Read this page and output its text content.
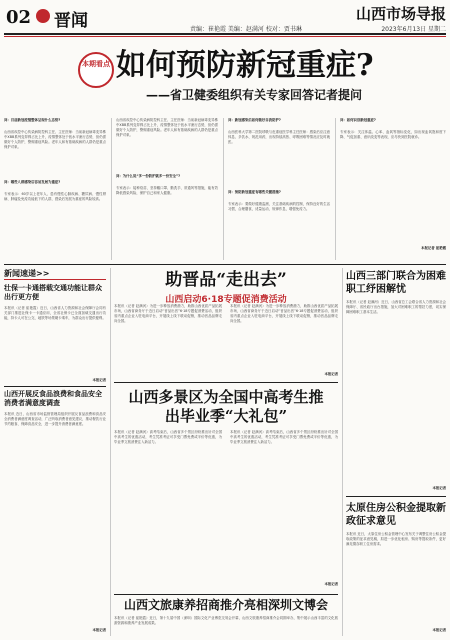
02 晋闻	山西市场导报
责编：崔艳霞 美编：赵满河 校对：贾书琳	2023年6月13日 星期二
本期看点 如何预防新冠重症?
——省卫健委组织有关专家回答记者提问
问：目前新冠疫情整体呈现什么态势?
山西省疾控中心传染病防控科主任、主任医师：当前新冠病毒变异株中XBB系列变异株占比上升，疫情整体处于低水平流行态势，但仍需做好个人防护，警惕重症风险。老年人和有基础疾病的人群仍是重点保护对象。
问：哪些人群感染后容易发展为重症?
专家表示：60岁以上老年人、患有慢性心肺疾病、糖尿病、慢性肾病、肿瘤及免疫功能低下的人群，感染后发展为重症的风险较高。
山西省疾控中心传染病防控科主任、主任医师：当前新冠病毒变异株中XBB系列变异株占比上升，疫情整体处于低水平流行态势，但仍需做好个人防护，警惕重症风险。老年人和有基础疾病的人群仍是重点保护对象。
问：为什么说“多一份防护就多一份安全”?
专家表示：接种疫苗、坚持戴口罩、勤洗手、常通风等措施，能有效降低感染风险，保护自己和家人健康。
问：新冠感染后如何做好自我防护?
山西医科大学第二医院呼吸与危重症医学科主任医师：感染后应注意休息、多饮水、规范用药，出现持续高热、呼吸困难等情况应及时就医。
问：预防新冠重症有哪些关键措施?
专家表示：要做好健康监测，关注基础疾病的控制，保持良好的生活习惯，合理膳食，适量运动，规律作息，增强免疫力。
问：如何识别新冠重症?
专家表示：关注体温、心率、血氧等指标变化，如出现血氧饱和度下降、气促加重、意识改变等表现，应尽快到医院就诊。
本报记者 崔艳霞
新闻速递>>
壮保一卡通搭载交通功能让群众出行更方便
本报讯（记者 崔艳霞）近日，山西省人力资源和社会保障厅会同有关部门推进社保卡一卡通应用，全省社保卡已全面加载交通出行功能，持卡人可在公交、地铁等场景刷卡乘车，为群众出行提供便利。
本报记者
山西开展反食品浪费和食品安全消费者满意度调查
本报讯 近日，山西省市场监督管理局组织开展反食品浪费和食品安全消费者满意度调查活动，广泛听取消费者意见建议，推动餐饮行业节约粮食、保障食品安全，进一步提升消费者满意度。
本报记者
助晋品“走出去”
山西启动6·18专题促消费活动
本报讯（记者 赵满河）为进一步释放消费潜力，助推山西优质产品拓展市场，山西省商务厅于近日启动“晋品出晋”6·18专题促消费活动，组织省内重点企业入驻电商平台，开展线上线下联动促销，推动晋品品牌走向全国。
本报讯（记者 赵满河）为进一步释放消费潜力，助推山西优质产品拓展市场，山西省商务厅于近日启动“晋品出晋”6·18专题促消费活动，组织省内重点企业入驻电商平台，开展线上线下联动促销，推动晋品品牌走向全国。
本报记者
山西多景区为全国中高考生推出毕业季“大礼包”
本报讯（记者 赵满河）高考结束后，山西省多个景区纷纷推出针对全国中高考生的优惠活动，考生凭准考证可享受门票免费或半价等优惠，为毕业季文旅消费注入新活力。
本报讯（记者 赵满河）高考结束后，山西省多个景区纷纷推出针对全国中高考生的优惠活动，考生凭准考证可享受门票免费或半价等优惠，为毕业季文旅消费注入新活力。
本报记者
山西文旅康养招商推介亮相深圳文博会
本报讯（记者 崔艳霞）近日，第十九届中国（深圳）国际文化产业博览交易会开幕，山西文旅康养招商推介会同期举办，集中展示山西丰富的文化旅游资源和康养产业发展成果。
山西三部门联合为困难职工纾困解忧
本报讯（记者 赵满河）近日，山西省总工会联合省人力资源和社会保障厅、省民政厅出台措施，加大对困难职工的帮扶力度，切实保障困难职工基本生活。
本报记者
太原住房公积金提取新政征求意见
本报讯 近日，太原住房公积金管理中心发布关于调整住房公积金提取政策的征求意见稿，拟进一步优化租房、购房等提取条件，更好满足缴存职工住房需求。
本报记者
